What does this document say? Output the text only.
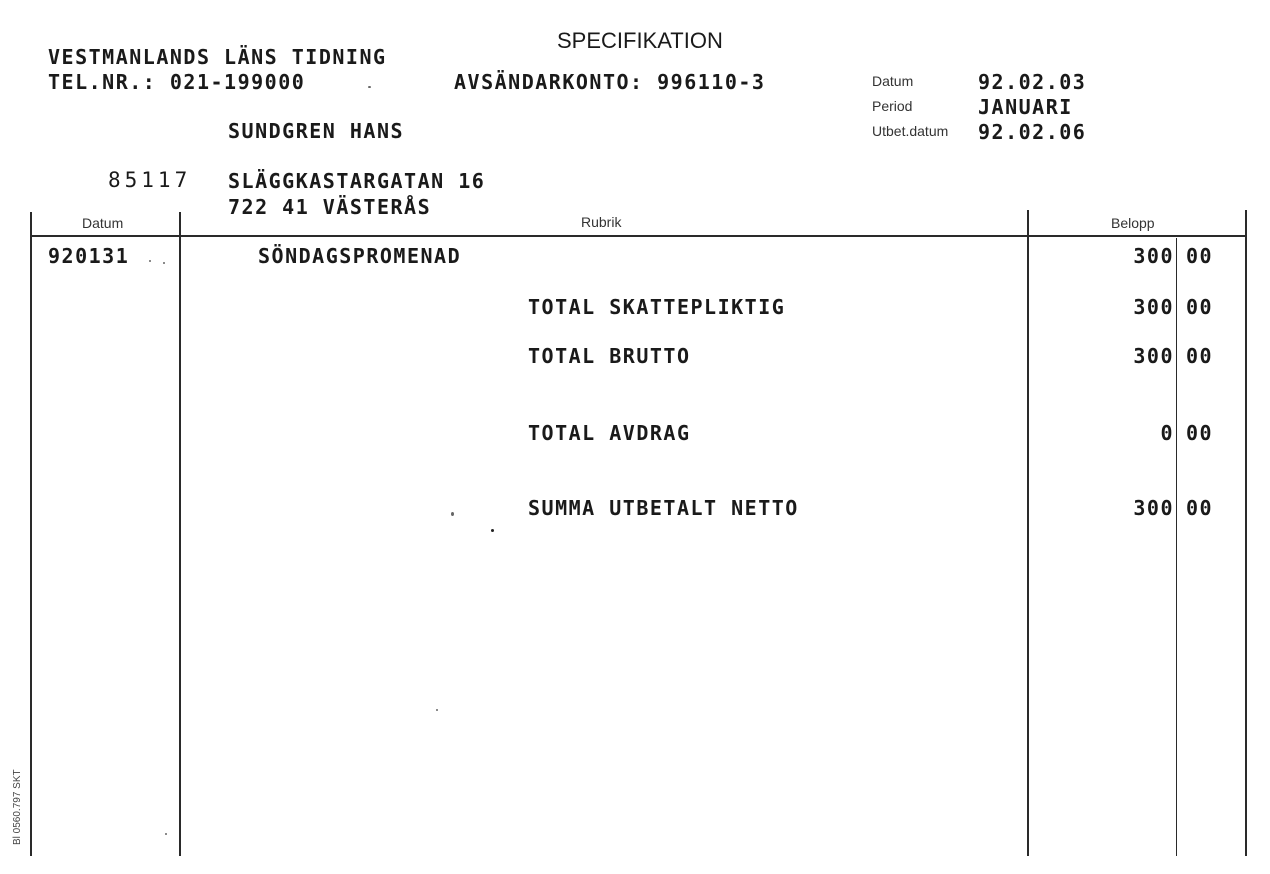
SPECIFIKATION
VESTMANLANDS LÄNS TIDNING
TEL.NR.: 021-199000	AVSÄNDARKONTO: 996110-3	Datum	92.02.03
Period	JANUARI
Utbet.datum 92.02.06
SUNDGREN HANS
85117 SLÄGGKASTARGATAN 16
722 41 VÄSTERÅS
Datum	Rubrik	Belopp
920131	SÖNDAGSPROMENAD	300 00
TOTAL SKATTEPLIKTIG	300 00
TOTAL BRUTTO	300 00
TOTAL AVDRAG	0 00
SUMMA UTBETALT NETTO	300 00
Bl 0560.797 SKT
